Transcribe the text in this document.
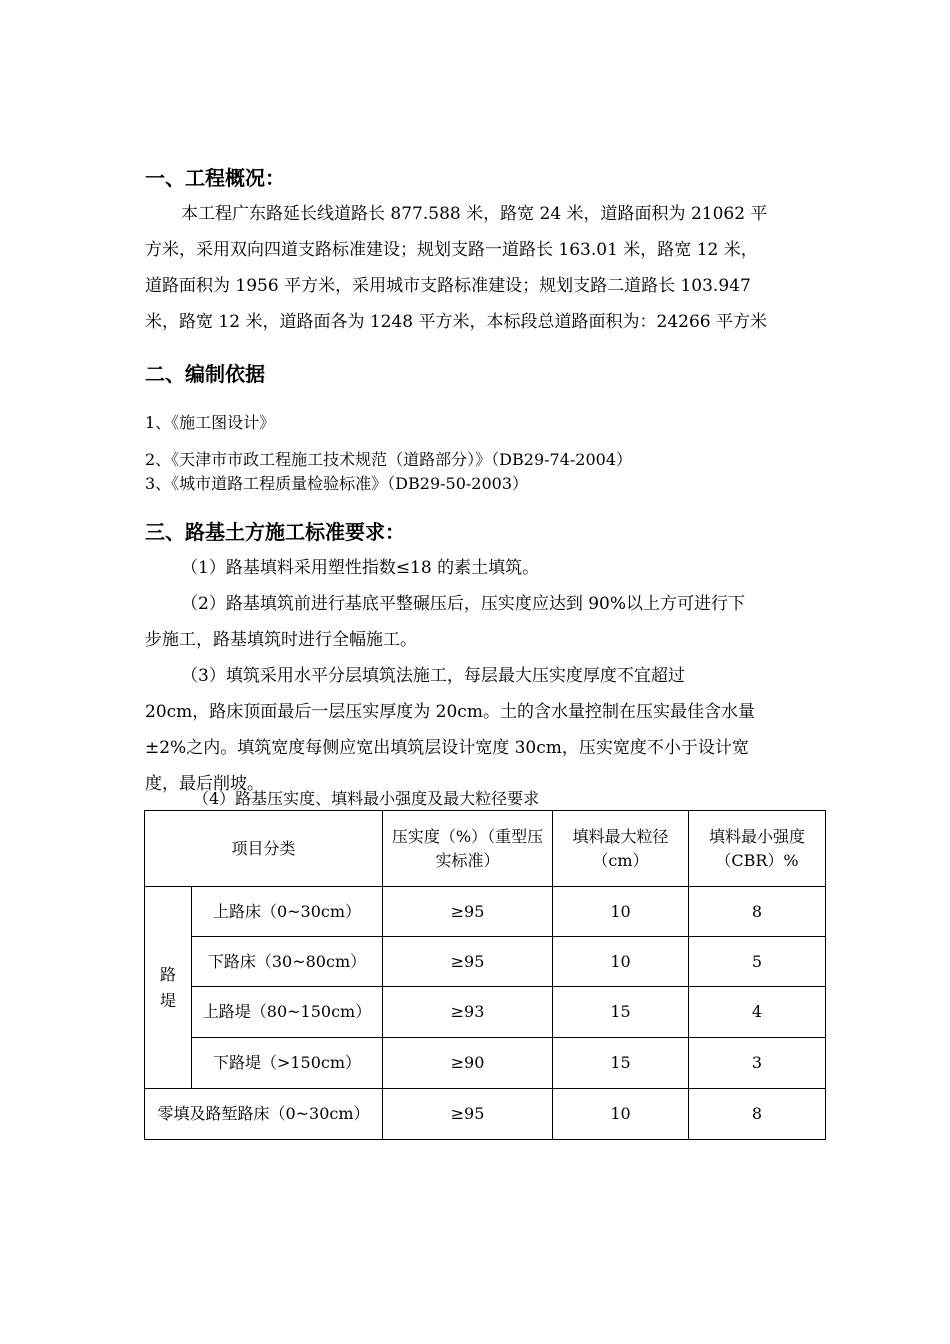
一、工程概况：
本工程广东路延长线道路长 877.588 米，路宽 24 米，道路面积为 21062 平
方米，采用双向四道支路标准建设；规划支路一道路长 163.01 米，路宽 12 米，
道路面积为 1956 平方米，采用城市支路标准建设；规划支路二道路长 103.947
米，路宽 12 米，道路面各为 1248 平方米，本标段总道路面积为：24266 平方米
二、编制依据
1、《施工图设计》
2、《天津市市政工程施工技术规范（道路部分）》（DB29-74-2004）
3、《城市道路工程质量检验标准》（DB29-50-2003）
三、路基土方施工标准要求：
（1）路基填料采用塑性指数≤18 的素土填筑。
（2）路基填筑前进行基底平整碾压后，压实度应达到 90%以上方可进行下
步施工，路基填筑时进行全幅施工。
（3）填筑采用水平分层填筑法施工，每层最大压实度厚度不宜超过
20cm，路床顶面最后一层压实厚度为 20cm。土的含水量控制在压实最佳含水量
±2%之内。填筑宽度每侧应宽出填筑层设计宽度 30cm，压实宽度不小于设计宽
度，最后削坡。
（4）路基压实度、填料最小强度及最大粒径要求
项目分类		压实度（%）（重型压实标准）	填料最大粒径（cm）	填料最小强度（CBR）%
路堤	上路床（0~30cm）	≥95	10	8
	下路床（30~80cm）	≥95	10	5
	上路堤（80~150cm）	≥93	15	4
	下路堤（>150cm）	≥90	15	3
零填及路堑路床（0~30cm）		≥95	10	8
